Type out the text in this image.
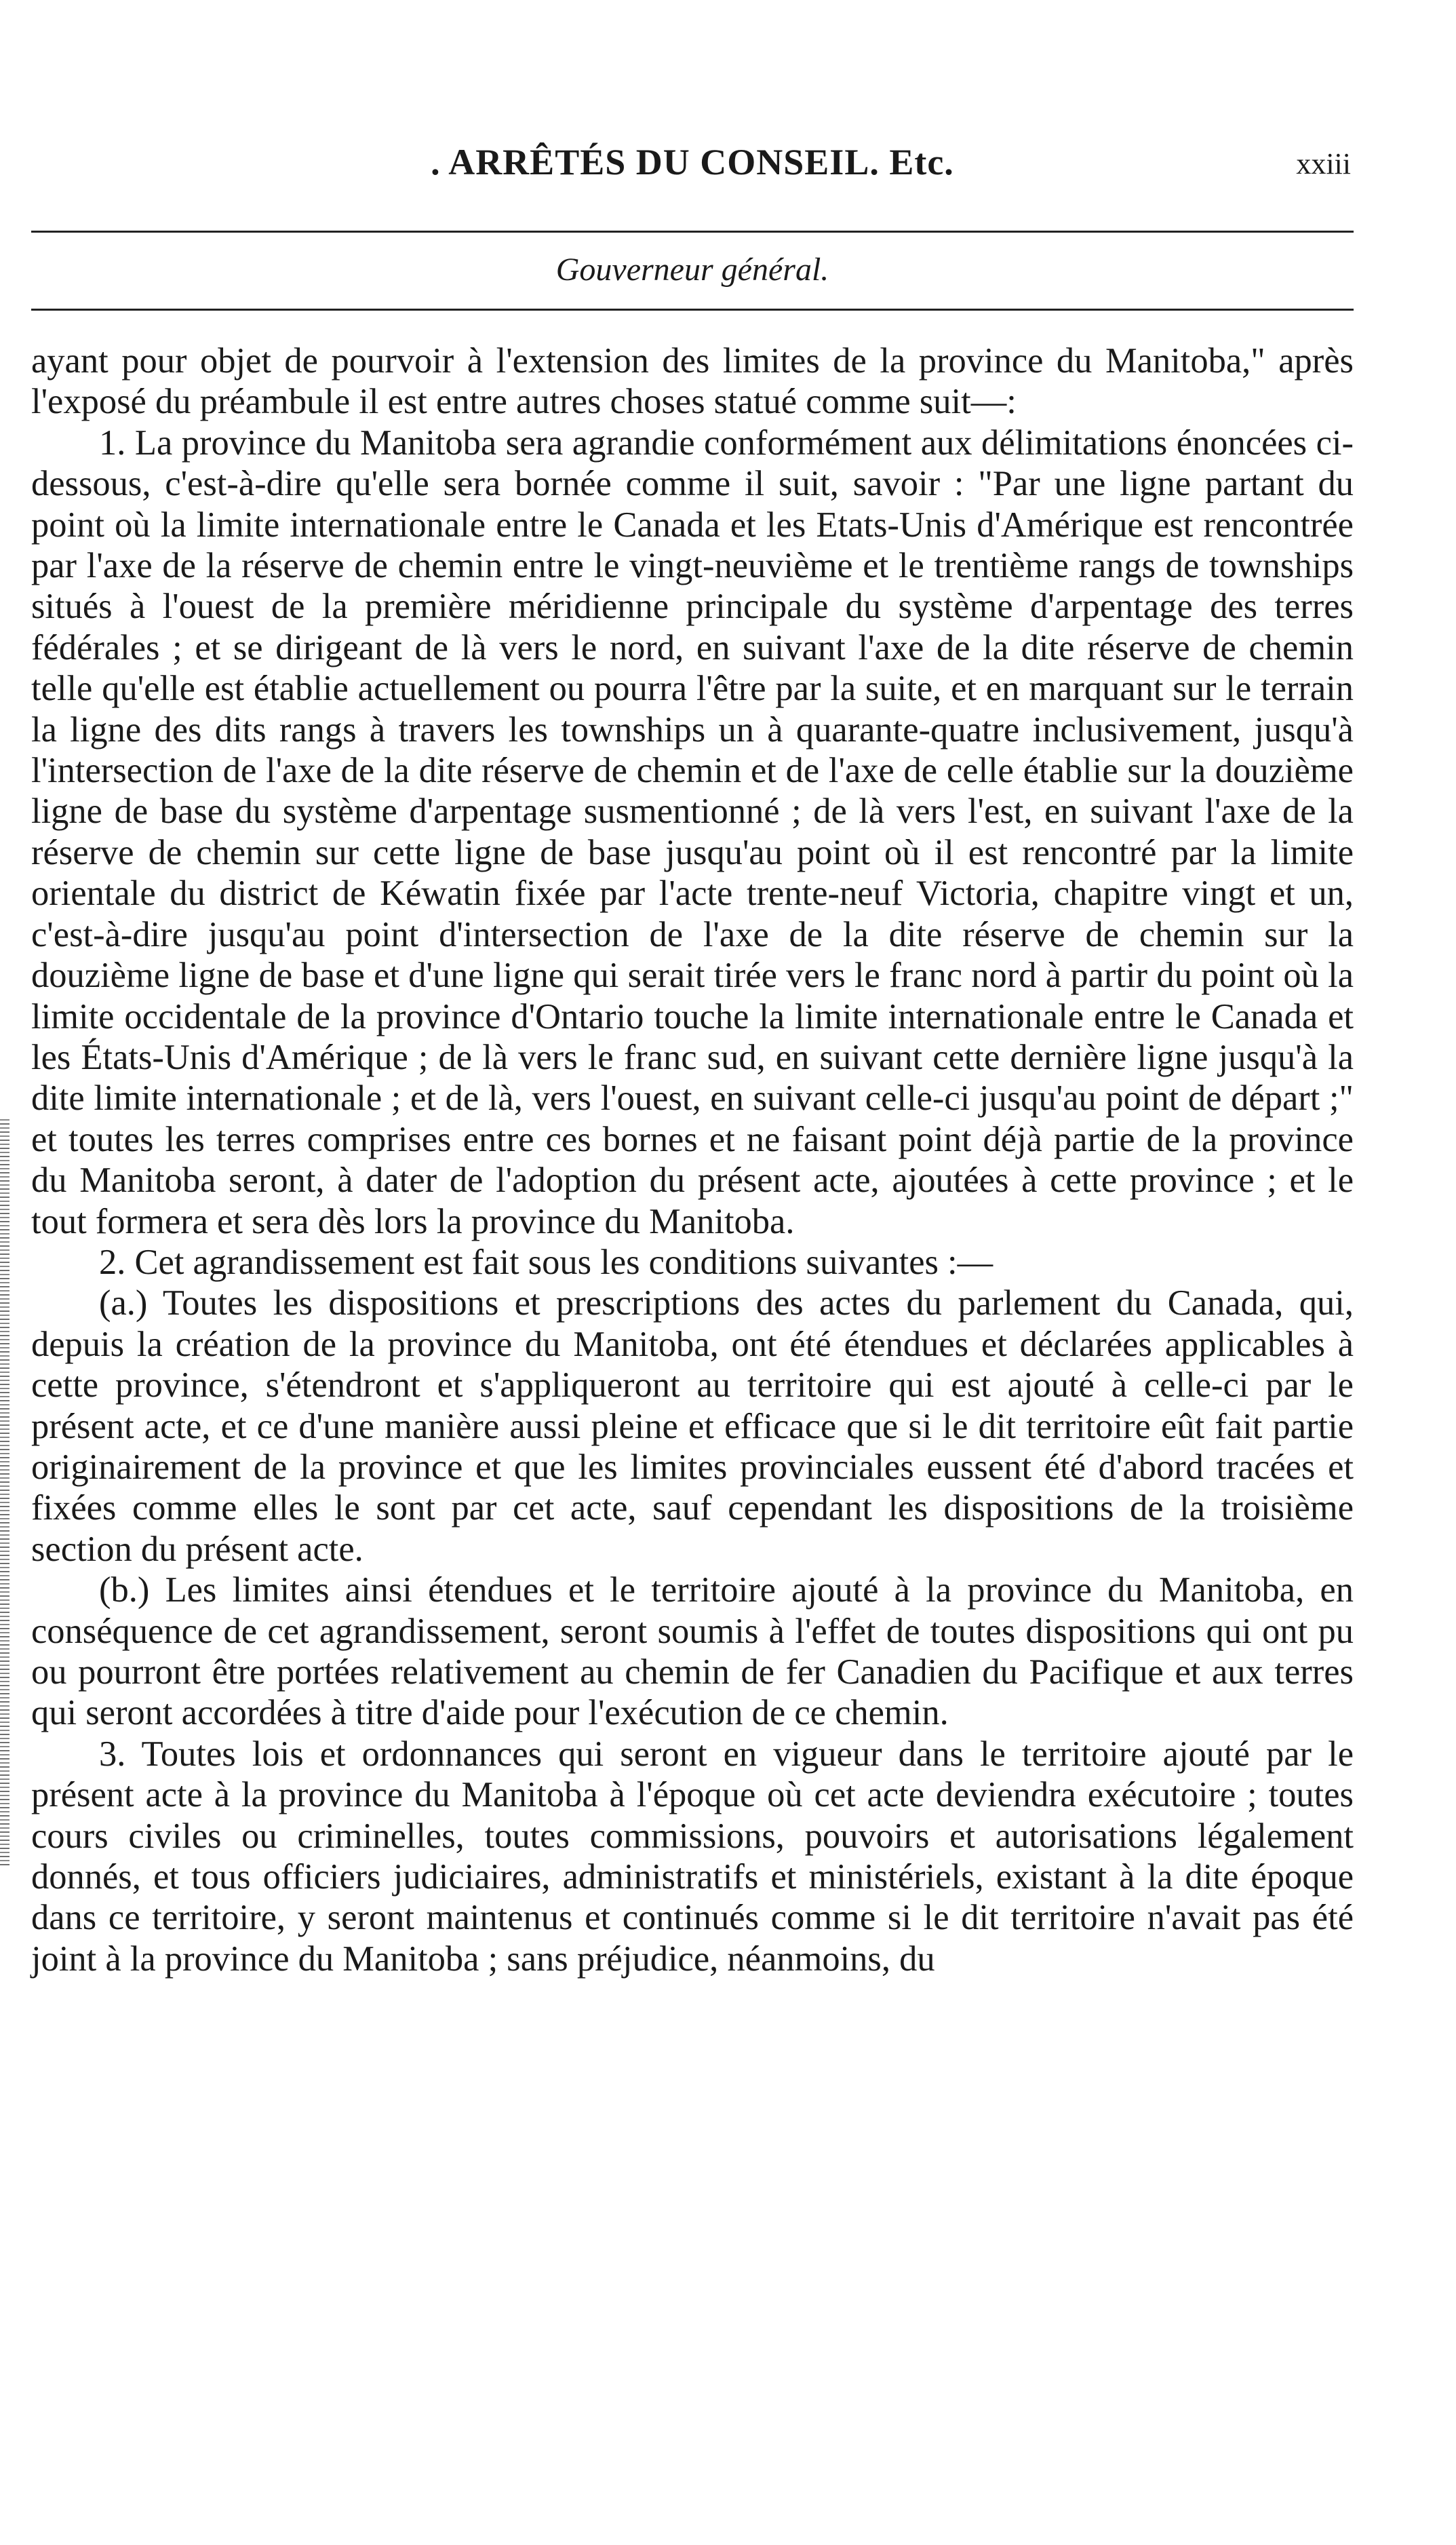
. ARRÊTÉS DU CONSEIL. Etc.	xxiii
Gouverneur général.

ayant pour objet de pourvoir à l'extension des limites de la province du Manitoba," après l'exposé du préambule il est entre autres choses statué comme suit—:

1. La province du Manitoba sera agrandie conformément aux délimitations énoncées ci-dessous, c'est-à-dire qu'elle sera bornée comme il suit, savoir : "Par une ligne partant du point où la limite internationale entre le Canada et les Etats-Unis d'Amérique est rencontrée par l'axe de la réserve de chemin entre le vingt-neuvième et le trentième rangs de townships situés à l'ouest de la première méridienne principale du système d'arpentage des terres fédérales ; et se dirigeant de là vers le nord, en suivant l'axe de la dite réserve de chemin telle qu'elle est établie actuellement ou pourra l'être par la suite, et en marquant sur le terrain la ligne des dits rangs à travers les townships un à quarante-quatre inclusivement, jusqu'à l'intersection de l'axe de la dite réserve de chemin et de l'axe de celle établie sur la douzième ligne de base du système d'arpentage susmentionné ; de là vers l'est, en suivant l'axe de la réserve de chemin sur cette ligne de base jusqu'au point où il est rencontré par la limite orientale du district de Kéwatin fixée par l'acte trente-neuf Victoria, chapitre vingt et un, c'est-à-dire jusqu'au point d'intersection de l'axe de la dite réserve de chemin sur la douzième ligne de base et d'une ligne qui serait tirée vers le franc nord à partir du point où la limite occidentale de la province d'Ontario touche la limite internationale entre le Canada et les États-Unis d'Amérique ; de là vers le franc sud, en suivant cette dernière ligne jusqu'à la dite limite internationale ; et de là, vers l'ouest, en suivant celle-ci jusqu'au point de départ ;" et toutes les terres comprises entre ces bornes et ne faisant point déjà partie de la province du Manitoba seront, à dater de l'adoption du présent acte, ajoutées à cette province ; et le tout formera et sera dès lors la province du Manitoba.

2. Cet agrandissement est fait sous les conditions suivantes :—

(a.) Toutes les dispositions et prescriptions des actes du parlement du Canada, qui, depuis la création de la province du Manitoba, ont été étendues et déclarées applicables à cette province, s'étendront et s'appliqueront au territoire qui est ajouté à celle-ci par le présent acte, et ce d'une manière aussi pleine et efficace que si le dit territoire eût fait partie originairement de la province et que les limites provinciales eussent été d'abord tracées et fixées comme elles le sont par cet acte, sauf cependant les dispositions de la troisième section du présent acte.

(b.) Les limites ainsi étendues et le territoire ajouté à la province du Manitoba, en conséquence de cet agrandissement, seront soumis à l'effet de toutes dispositions qui ont pu ou pourront être portées relativement au chemin de fer Canadien du Pacifique et aux terres qui seront accordées à titre d'aide pour l'exécution de ce chemin.

3. Toutes lois et ordonnances qui seront en vigueur dans le territoire ajouté par le présent acte à la province du Manitoba à l'époque où cet acte deviendra exécutoire ; toutes cours civiles ou criminelles, toutes commissions, pouvoirs et autorisations légalement donnés, et tous officiers judiciaires, administratifs et ministériels, existant à la dite époque dans ce territoire, y seront maintenus et continués comme si le dit territoire n'avait pas été joint à la province du Manitoba ; sans préjudice, néanmoins, du
